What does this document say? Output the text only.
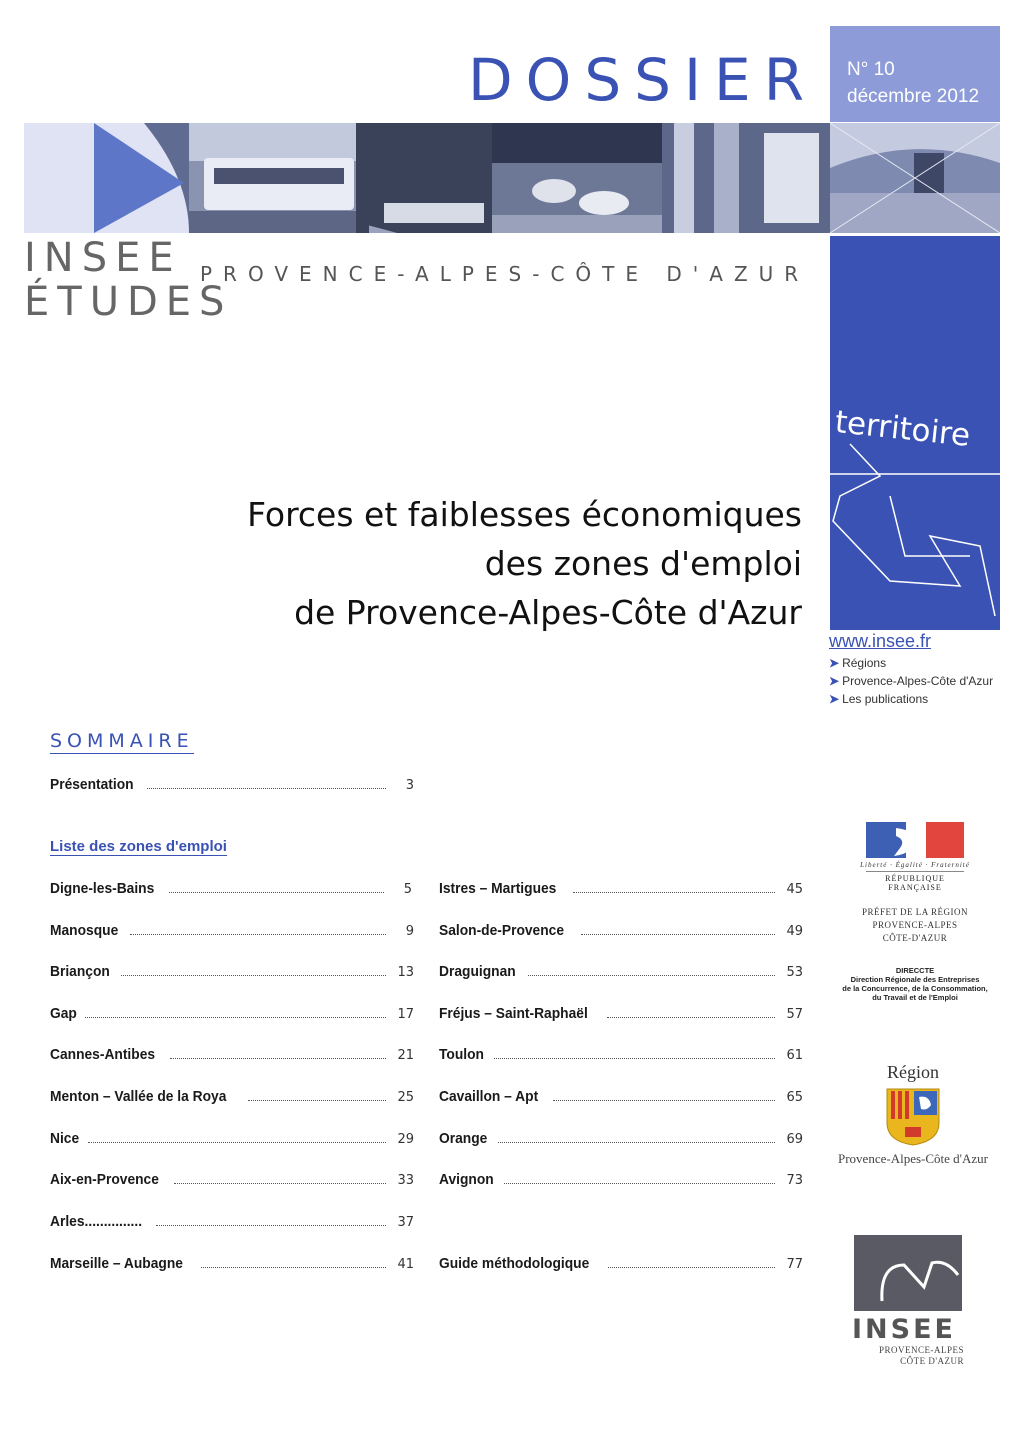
DOSSIER N° 10
décembre 2012
INSEE
ÉTUDES
PROVENCE-ALPES-CÔTE D'AZUR
territoire
Forces et faiblesses économiques
des zones d'emploi
de Provence-Alpes-Côte d'Azur
www.insee.fr
➤ Régions
➤ Provence-Alpes-Côte d'Azur
➤ Les publications
SOMMAIRE
Présentation	3
Liste des zones d'emploi
Digne-les-Bains	5
Manosque	9
Briançon	13
Gap	17
Cannes-Antibes	21
Menton – Vallée de la Roya	25
Nice	29
Aix-en-Provence	33
Arles...............	37
Marseille – Aubagne	41
Istres – Martigues	45
Salon-de-Provence	49
Draguignan	53
Fréjus – Saint-Raphaël	57
Toulon	61
Cavaillon – Apt	65
Orange	69
Avignon	73
Guide méthodologique	77
Liberté · Égalité · Fraternité
RÉPUBLIQUE FRANÇAISE
PRÉFET DE LA RÉGION
PROVENCE-ALPES
CÔTE-D'AZUR
DIRECCTE
Direction Régionale des Entreprises
de la Concurrence, de la Consommation,
du Travail et de l'Emploi
Région
Provence-Alpes-Côte d'Azur
INSEE
PROVENCE-ALPES
CÔTE D'AZUR
